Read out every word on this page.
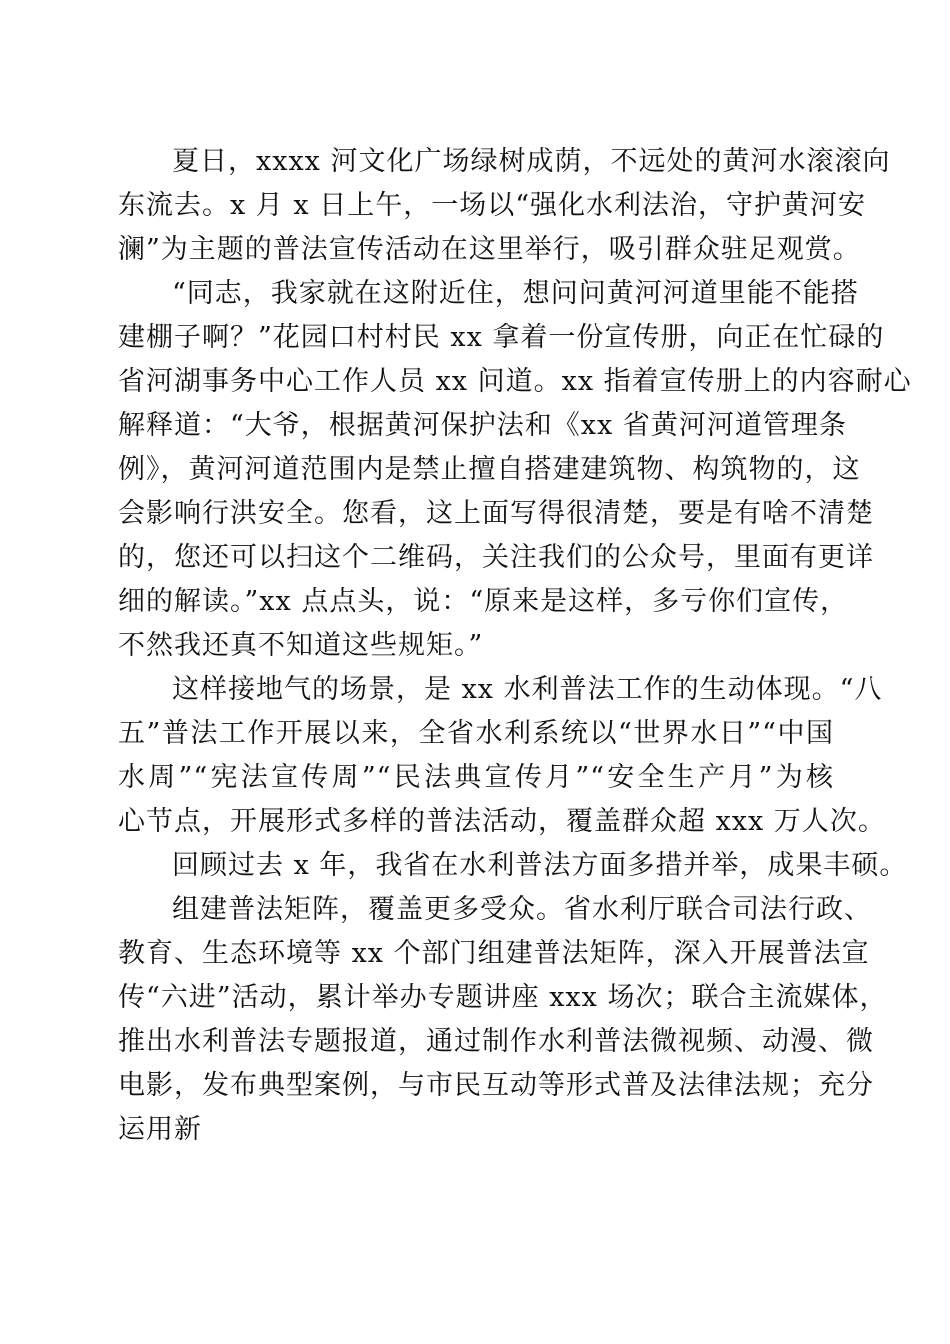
夏日，xxxx 河文化广场绿树成荫，不远处的黄河水滚滚向
东流去。x 月 x 日上午，一场以“强化水利法治，守护黄河安
澜”为主题的普法宣传活动在这里举行，吸引群众驻足观赏。

“同志，我家就在这附近住，想问问黄河河道里能不能搭
建棚子啊？”花园口村村民 xx 拿着一份宣传册，向正在忙碌的
省河湖事务中心工作人员 xx 问道。xx 指着宣传册上的内容耐心
解释道：“大爷，根据黄河保护法和《xx 省黄河河道管理条
例》，黄河河道范围内是禁止擅自搭建建筑物、构筑物的，这
会影响行洪安全。您看，这上面写得很清楚，要是有啥不清楚
的，您还可以扫这个二维码，关注我们的公众号，里面有更详
细的解读。”xx 点点头，说：“原来是这样，多亏你们宣传，
不然我还真不知道这些规矩。”

这样接地气的场景，是 xx 水利普法工作的生动体现。“八
五”普法工作开展以来，全省水利系统以“世界水日”“中国
水周”“宪法宣传周”“民法典宣传月”“安全生产月”为核
心节点，开展形式多样的普法活动，覆盖群众超 xxx 万人次。

回顾过去 x 年，我省在水利普法方面多措并举，成果丰硕。

组建普法矩阵，覆盖更多受众。省水利厅联合司法行政、
教育、生态环境等 xx 个部门组建普法矩阵，深入开展普法宣
传“六进”活动，累计举办专题讲座 xxx 场次；联合主流媒体，
推出水利普法专题报道，通过制作水利普法微视频、动漫、微
电影，发布典型案例，与市民互动等形式普及法律法规；充分
运用新
